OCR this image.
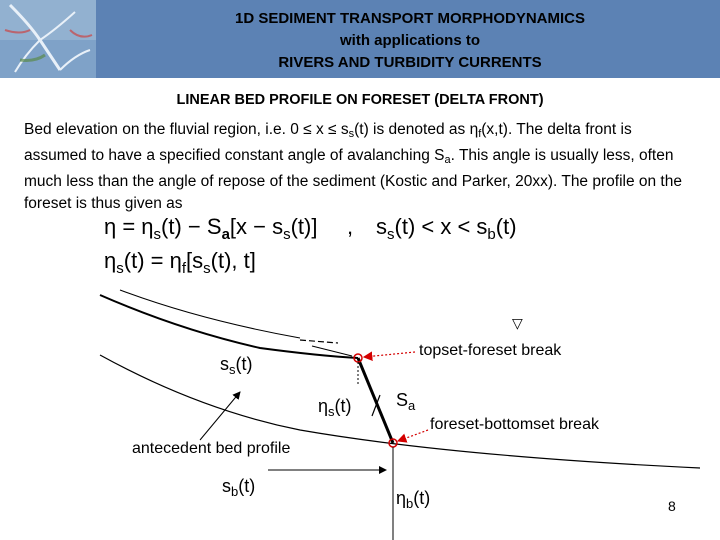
1D SEDIMENT TRANSPORT MORPHODYNAMICS
with applications to
RIVERS AND TURBIDITY CURRENTS
LINEAR BED PROFILE ON FORESET (DELTA FRONT)
Bed elevation on the fluvial region, i.e. $0 \le x \le s_s(t)$ is denoted as $\eta_f(x,t)$. The delta front is assumed to have a specified constant angle of avalanching $S_a$. This angle is usually less, often much less than the angle of repose of the sediment (Kostic and Parker, 20xx). The profile on the foreset is thus given as
$\eta = \eta_s(t) - S_a[x - s_s(t)]$ , $s_s(t) < x < s_b(t)$
$\eta_s(t) = \eta_f[s_s(t)$, t]
▽
topset-foreset break
foreset-bottomset break
$s_s(t)$
$\eta_s(t)$ $S_a$
antecedent bed profile
$s_b(t)$
$\eta_b(t)$	8
